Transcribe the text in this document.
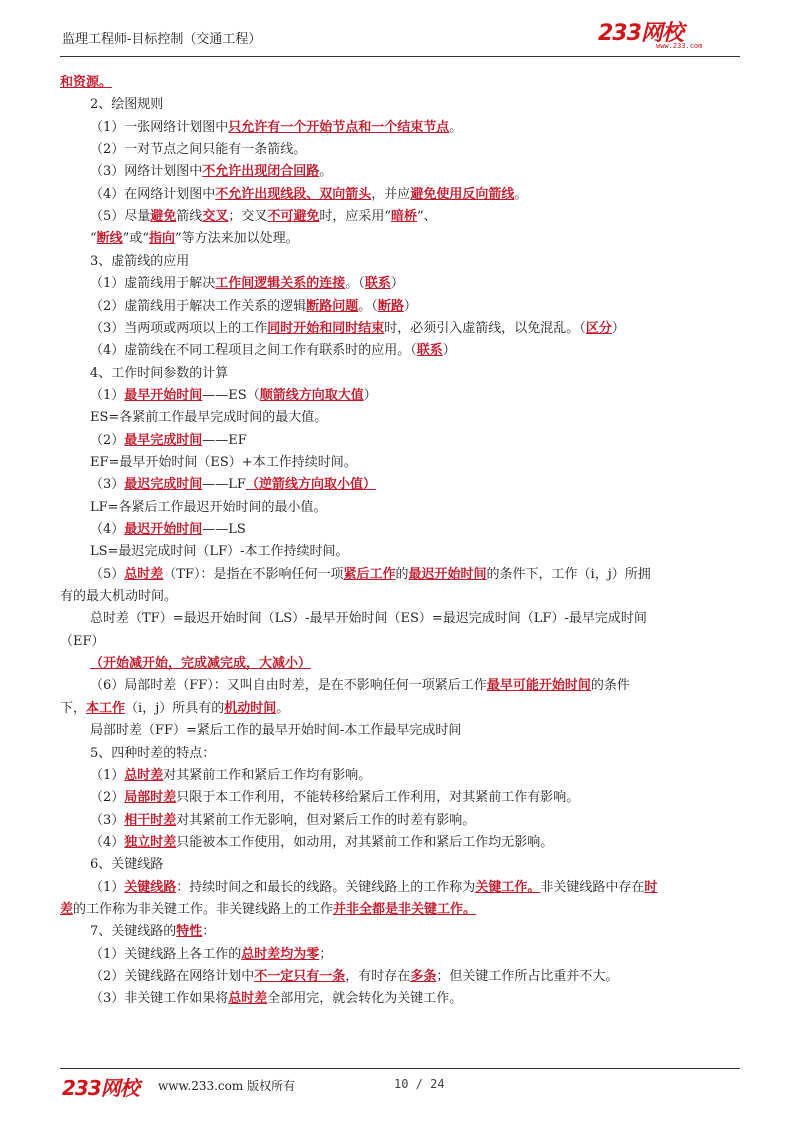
监理工程师-目标控制（交通工程）	233网校
www.233.com
和资源。
2、绘图规则
（1）一张网络计划图中只允许有一个开始节点和一个结束节点。
（2）一对节点之间只能有一条箭线。
（3）网络计划图中不允许出现闭合回路。
（4）在网络计划图中不允许出现线段、双向箭头，并应避免使用反向箭线。
（5）尽量避免箭线交叉；交叉不可避免时，应采用“暗桥”、
“断线”或“指向”等方法来加以处理。
3、虚箭线的应用
（1）虚箭线用于解决工作间逻辑关系的连接。（联系）
（2）虚箭线用于解决工作关系的逻辑断路问题。（断路）
（3）当两项或两项以上的工作同时开始和同时结束时，必须引入虚箭线，以免混乱。（区分）
（4）虚箭线在不同工程项目之间工作有联系时的应用。（联系）
4、工作时间参数的计算
（1）最早开始时间——ES（顺箭线方向取大值）
ES=各紧前工作最早完成时间的最大值。
（2）最早完成时间——EF
EF=最早开始时间（ES）+本工作持续时间。
（3）最迟完成时间——LF（逆箭线方向取小值）
LF=各紧后工作最迟开始时间的最小值。
（4）最迟开始时间——LS
LS=最迟完成时间（LF）-本工作持续时间。
（5）总时差（TF）：是指在不影响任何一项紧后工作的最迟开始时间的条件下，工作（i，j）所拥
有的最大机动时间。
总时差（TF）=最迟开始时间（LS）-最早开始时间（ES）=最迟完成时间（LF）-最早完成时间
（EF）
（开始减开始，完成减完成，大减小）
（6）局部时差（FF）：又叫自由时差，是在不影响任何一项紧后工作最早可能开始时间的条件
下，本工作（i，j）所具有的机动时间。
局部时差（FF）=紧后工作的最早开始时间-本工作最早完成时间
5、四种时差的特点：
（1）总时差对其紧前工作和紧后工作均有影响。
（2）局部时差只限于本工作利用，不能转移给紧后工作利用，对其紧前工作有影响。
（3）相干时差对其紧前工作无影响，但对紧后工作的时差有影响。
（4）独立时差只能被本工作使用，如动用，对其紧前工作和紧后工作均无影响。
6、关键线路
（1）关键线路：持续时间之和最长的线路。关键线路上的工作称为关键工作。非关键线路中存在时
差的工作称为非关键工作。非关键线路上的工作并非全都是非关键工作。
7、关键线路的特性：
（1）关键线路上各工作的总时差均为零；
（2）关键线路在网络计划中不一定只有一条，有时存在多条；但关键工作所占比重并不大。
（3）非关键工作如果将总时差全部用完，就会转化为关键工作。
233网校 www.233.com 版权所有	10 / 24
